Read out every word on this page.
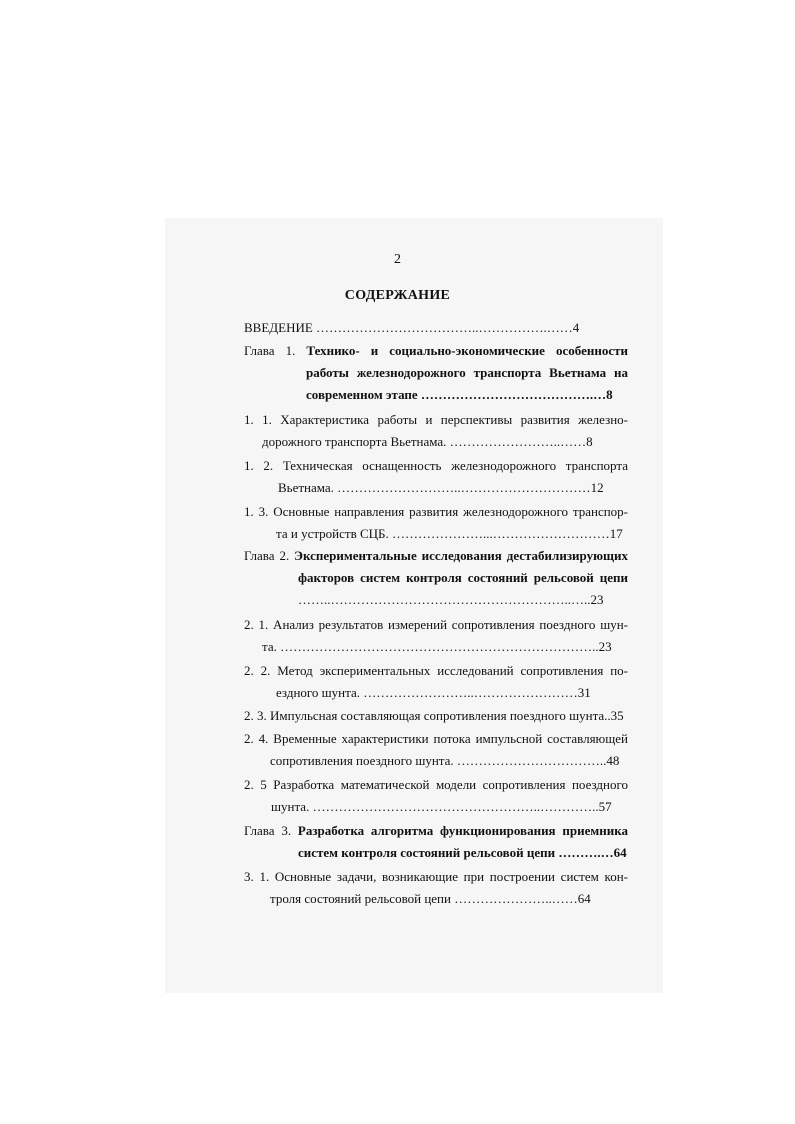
2
СОДЕРЖАНИЕ
ВВЕДЕНИЕ ………………………………..…………….……4
Глава 1. Технико- и социально-экономические особенности
работы железнодорожного транспорта Вьетнама на
современном этапе ………………………………….…8
1. 1. Характеристика работы и перспективы развития железно-
дорожного транспорта Вьетнама. ……………………..……8
1. 2. Техническая оснащенность железнодорожного транспорта
Вьетнама. ………………………..…………………………12
1. 3. Основные направления развития железнодорожного транспор-
та и устройств СЦБ. …………………...………………………17
Глава 2. Экспериментальные исследования дестабилизирующих
факторов систем контроля состояний рельсовой цепи
……..………………………………………………..…..23
2. 1. Анализ результатов измерений сопротивления поездного шун-
та. ………………………………………………………………..23
2. 2. Метод экспериментальных исследований сопротивления по-
ездного шунта. ……………………..……………………31
2. 3. Импульсная составляющая сопротивления поездного шунта..35
2. 4. Временные характеристики потока импульсной составляющей
сопротивления поездного шунта. ……………………………..48
2. 5 Разработка математической модели сопротивления поездного
шунта. ……………………………………………..…………..57
Глава 3. Разработка алгоритма функционирования приемника
систем контроля состояний рельсовой цепи ……….…64
3. 1. Основные задачи, возникающие при построении систем кон-
троля состояний рельсовой цепи …………………..……64
